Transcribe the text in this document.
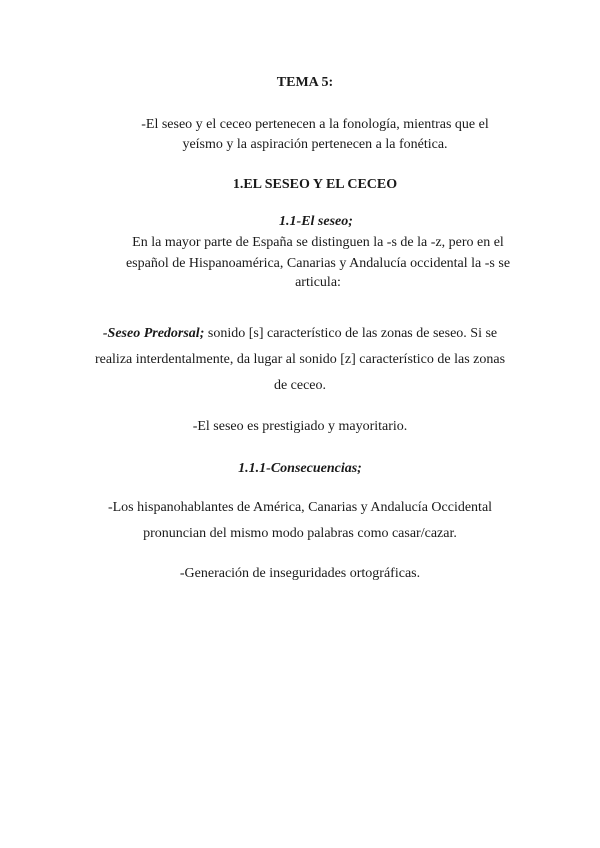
TEMA 5:
-El seseo y el ceceo pertenecen a la fonología, mientras que el
yeísmo y la aspiración pertenecen a la fonética.
1.EL SESEO Y EL CECEO
1.1-El seseo;
En la mayor parte de España se distinguen la -s de la -z, pero en el
español de Hispanoamérica, Canarias y Andalucía occidental la -s se
articula:
-Seseo Predorsal; sonido [s] característico de las zonas de seseo. Si se
realiza interdentalmente, da lugar al sonido [z] característico de las zonas
de ceceo.
-El seseo es prestigiado y mayoritario.
1.1.1-Consecuencias;
-Los hispanohablantes de América, Canarias y Andalucía Occidental
pronuncian del mismo modo palabras como casar/cazar.
-Generación de inseguridades ortográficas.
